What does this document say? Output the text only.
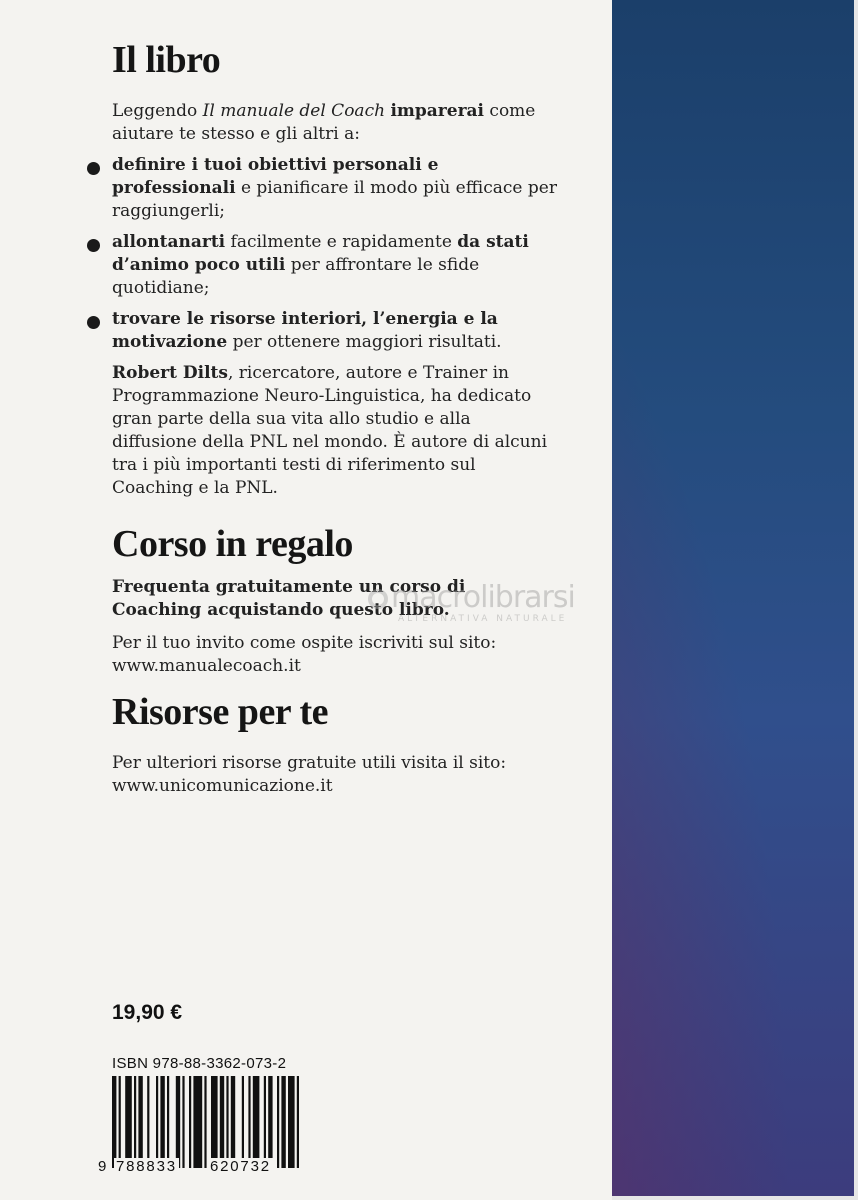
Il libro

Leggendo Il manuale del Coach imparerai come aiutare te stesso e gli altri a:

definire i tuoi obiettivi personali e professionali e pianificare il modo più efficace per raggiungerli;
allontanarti facilmente e rapidamente da stati d’animo poco utili per affrontare le sfide quotidiane;
trovare le risorse interiori, l’energia e la motivazione per ottenere maggiori risultati.

Robert Dilts, ricercatore, autore e Trainer in Programmazione Neuro-Linguistica, ha dedicato gran parte della sua vita allo studio e alla diffusione della PNL nel mondo. È autore di alcuni tra i più importanti testi di riferimento sul Coaching e la PNL.

Corso in regalo

Frequenta gratuitamente un corso di Coaching acquistando questo libro.

Per il tuo invito come ospite iscriviti sul sito:
www.manualecoach.it

Risorse per te

Per ulteriori risorse gratuite utili visita il sito:
www.unicomunicazione.it

19,90 €
ISBN 978-88-3362-073-2
9 788833 620732
macrolibrarsi
ALTERNATIVA NATURALE
